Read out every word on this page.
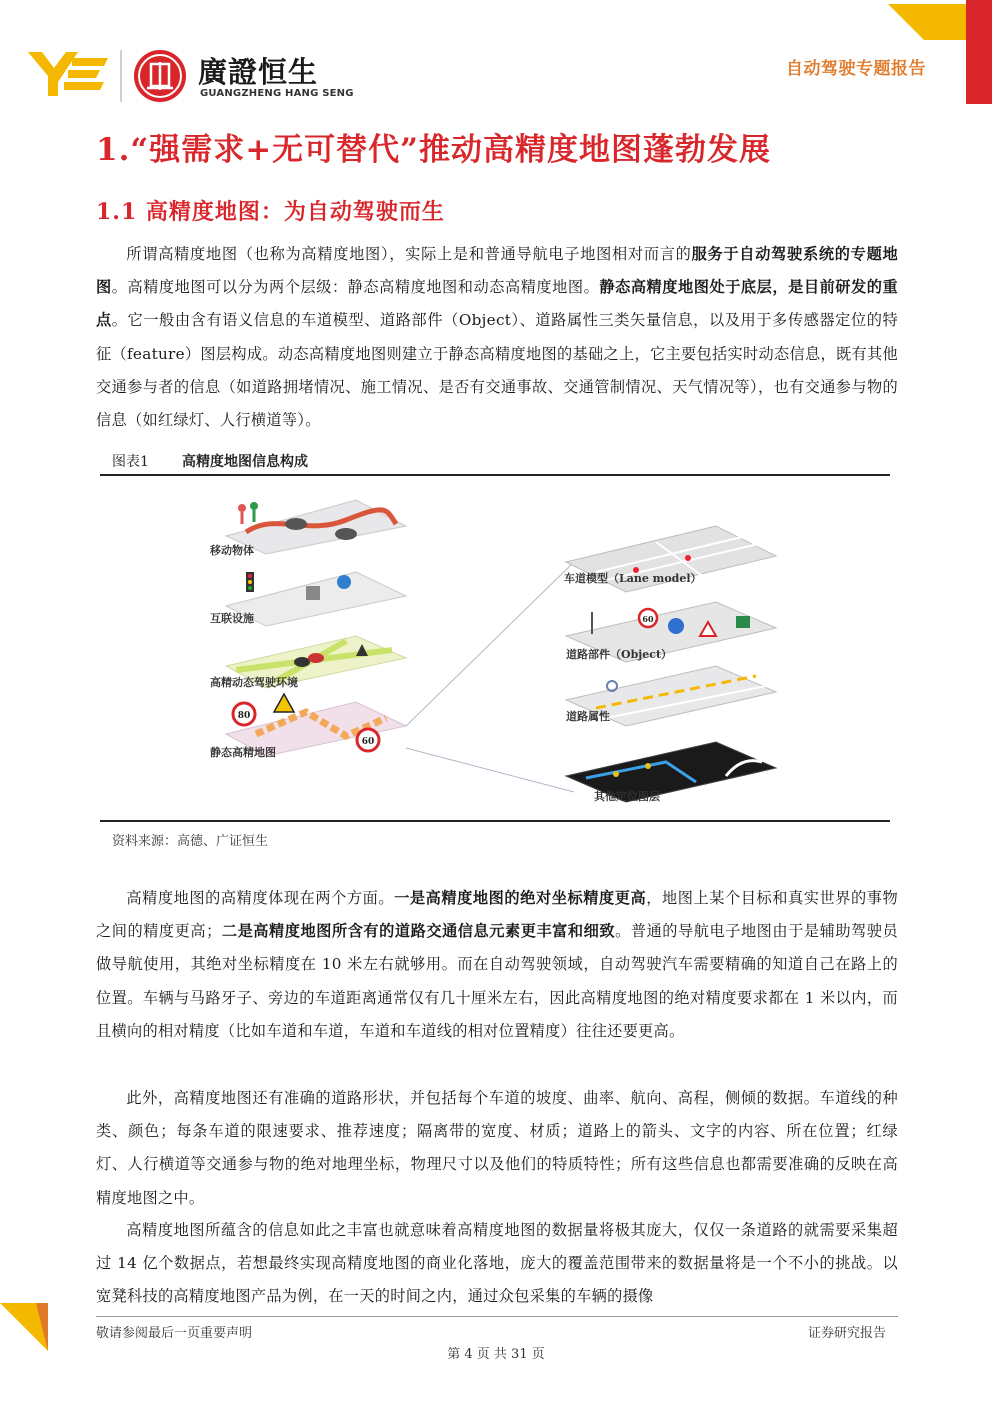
廣證恒生
GUANGZHENG HANG SENG
自动驾驶专题报告
1.“强需求+无可替代”推动高精度地图蓬勃发展
1.1 高精度地图：为自动驾驶而生
所谓高精度地图（也称为高精度地图），实际上是和普通导航电子地图相对而言的服务于自动驾驶系统的专题地图。高精度地图可以分为两个层级：静态高精度地图和动态高精度地图。静态高精度地图处于底层，是目前研发的重点。它一般由含有语义信息的车道模型、道路部件（Object）、道路属性三类矢量信息，以及用于多传感器定位的特征（feature）图层构成。动态高精度地图则建立于静态高精度地图的基础之上，它主要包括实时动态信息，既有其他交通参与者的信息（如道路拥堵情况、施工情况、是否有交通事故、交通管制情况、天气情况等），也有交通参与物的信息（如红绿灯、人行横道等）。
图表1 高精度地图信息构成
移动物体
互联设施
高精动态驾驶环境
80
60
静态高精地图
车道模型（Lane model）
60
道路部件（Object）
道路属性
其他定位图层
资料来源：高德、广证恒生
高精度地图的高精度体现在两个方面。一是高精度地图的绝对坐标精度更高，地图上某个目标和真实世界的事物之间的精度更高；二是高精度地图所含有的道路交通信息元素更丰富和细致。普通的导航电子地图由于是辅助驾驶员做导航使用，其绝对坐标精度在 10 米左右就够用。而在自动驾驶领域，自动驾驶汽车需要精确的知道自己在路上的位置。车辆与马路牙子、旁边的车道距离通常仅有几十厘米左右，因此高精度地图的绝对精度要求都在 1 米以内，而且横向的相对精度（比如车道和车道，车道和车道线的相对位置精度）往往还要更高。
此外，高精度地图还有准确的道路形状，并包括每个车道的坡度、曲率、航向、高程，侧倾的数据。车道线的种类、颜色；每条车道的限速要求、推荐速度；隔离带的宽度、材质；道路上的箭头、文字的内容、所在位置；红绿灯、人行横道等交通参与物的绝对地理坐标，物理尺寸以及他们的特质特性；所有这些信息也都需要准确的反映在高精度地图之中。
高精度地图所蕴含的信息如此之丰富也就意味着高精度地图的数据量将极其庞大，仅仅一条道路的就需要采集超过 14 亿个数据点，若想最终实现高精度地图的商业化落地，庞大的覆盖范围带来的数据量将是一个不小的挑战。以宽凳科技的高精度地图产品为例，在一天的时间之内，通过众包采集的车辆的摄像
敬请参阅最后一页重要声明	证券研究报告
第 4 页 共 31 页
